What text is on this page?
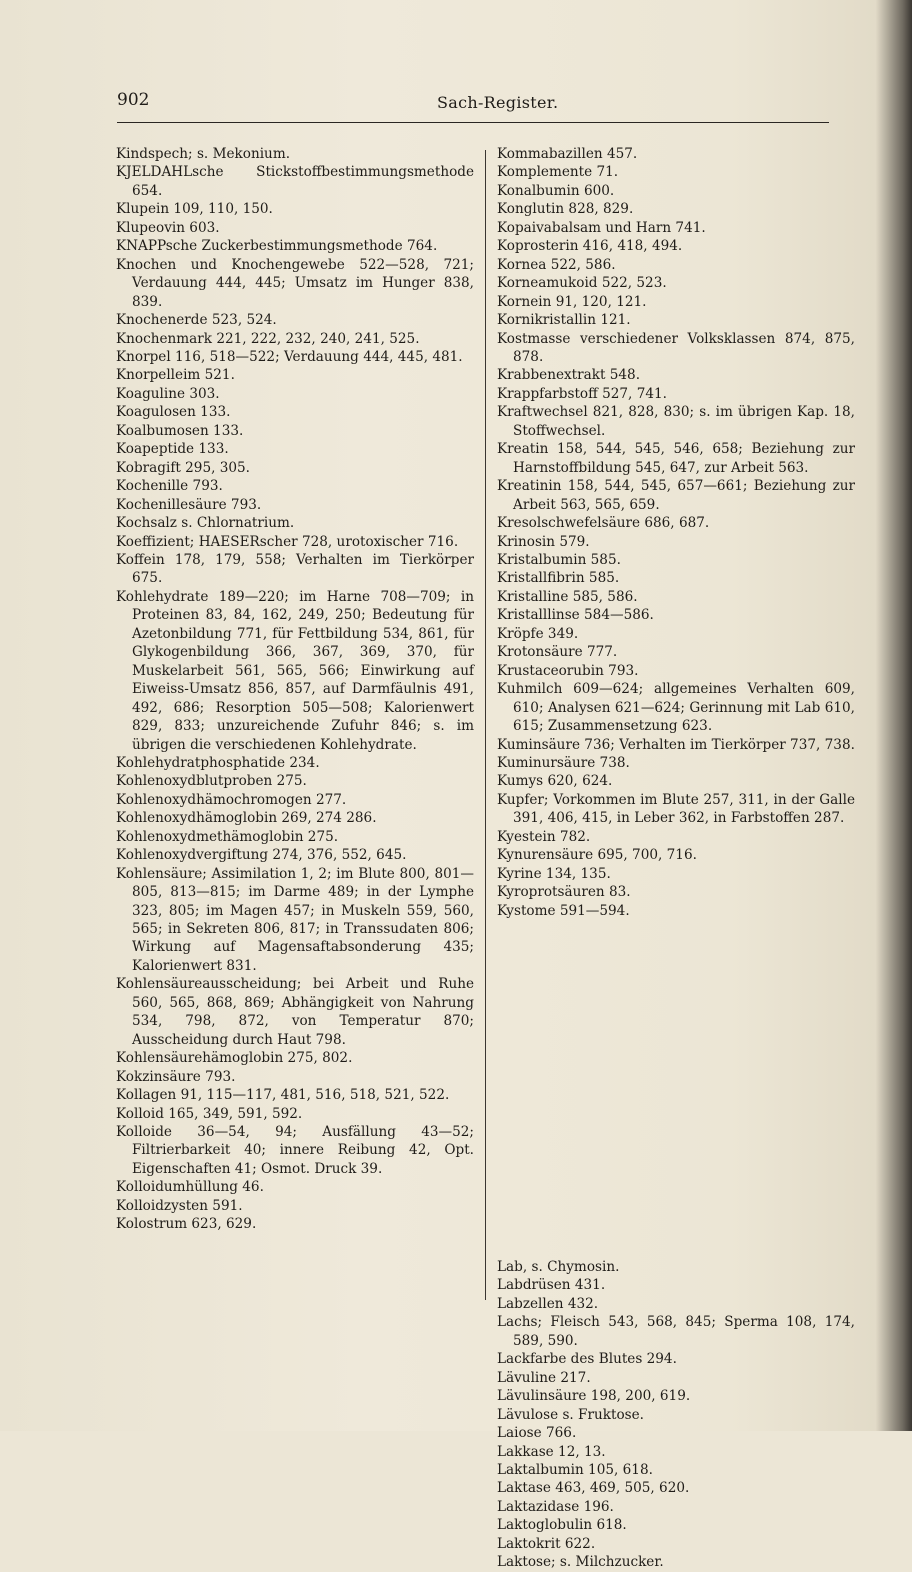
902	Sach-Register.

Kindspech; s. Mekonium.

KJELDAHLsche Stickstoffbestimmungsmethode 654.

Klupein 109, 110, 150.

Klupeovin 603.

KNAPPsche Zuckerbestimmungsmethode 764.

Knochen und Knochengewebe 522—528, 721; Verdauung 444, 445; Umsatz im Hunger 838, 839.

Knochenerde 523, 524.

Knochenmark 221, 222, 232, 240, 241, 525.

Knorpel 116, 518—522; Verdauung 444, 445, 481.

Knorpelleim 521.

Koaguline 303.

Koagulosen 133.

Koalbumosen 133.

Koapeptide 133.

Kobragift 295, 305.

Kochenille 793.

Kochenillesäure 793.

Kochsalz s. Chlornatrium.

Koeffizient; HAESERscher 728, urotoxischer 716.

Koffein 178, 179, 558; Verhalten im Tierkörper 675.

Kohlehydrate 189—220; im Harne 708—709; in Proteinen 83, 84, 162, 249, 250; Bedeutung für Azetonbildung 771, für Fettbildung 534, 861, für Glykogenbildung 366, 367, 369, 370, für Muskelarbeit 561, 565, 566; Einwirkung auf Eiweiss-Umsatz 856, 857, auf Darmfäulnis 491, 492, 686; Resorption 505—508; Kalorienwert 829, 833; unzureichende Zufuhr 846; s. im übrigen die verschiedenen Kohlehydrate.

Kohlehydratphosphatide 234.

Kohlenoxydblutproben 275.

Kohlenoxydhämochromogen 277.

Kohlenoxydhämoglobin 269, 274 286.

Kohlenoxydmethämoglobin 275.

Kohlenoxydvergiftung 274, 376, 552, 645.

Kohlensäure; Assimilation 1, 2; im Blute 800, 801—805, 813—815; im Darme 489; in der Lymphe 323, 805; im Magen 457; in Muskeln 559, 560, 565; in Sekreten 806, 817; in Transsudaten 806; Wirkung auf Magensaftabsonderung 435; Kalorienwert 831.

Kohlensäureausscheidung; bei Arbeit und Ruhe 560, 565, 868, 869; Abhängigkeit von Nahrung 534, 798, 872, von Temperatur 870; Ausscheidung durch Haut 798.

Kohlensäurehämoglobin 275, 802.

Kokzinsäure 793.

Kollagen 91, 115—117, 481, 516, 518, 521, 522.

Kolloid 165, 349, 591, 592.

Kolloide 36—54, 94; Ausfällung 43—52; Filtrierbarkeit 40; innere Reibung 42, Opt. Eigenschaften 41; Osmot. Druck 39.

Kolloidumhüllung 46.

Kolloidzysten 591.

Kolostrum 623, 629.

Kommabazillen 457.

Komplemente 71.

Konalbumin 600.

Konglutin 828, 829.

Kopaivabalsam und Harn 741.

Koprosterin 416, 418, 494.

Kornea 522, 586.

Korneamukoid 522, 523.

Kornein 91, 120, 121.

Kornikristallin 121.

Kostmasse verschiedener Volksklassen 874, 875, 878.

Krabbenextrakt 548.

Krappfarbstoff 527, 741.

Kraftwechsel 821, 828, 830; s. im übrigen Kap. 18, Stoffwechsel.

Kreatin 158, 544, 545, 546, 658; Beziehung zur Harnstoffbildung 545, 647, zur Arbeit 563.

Kreatinin 158, 544, 545, 657—661; Beziehung zur Arbeit 563, 565, 659.

Kresolschwefelsäure 686, 687.

Krinosin 579.

Kristalbumin 585.

Kristallfibrin 585.

Kristalline 585, 586.

Kristalllinse 584—586.

Kröpfe 349.

Krotonsäure 777.

Krustaceorubin 793.

Kuhmilch 609—624; allgemeines Verhalten 609, 610; Analysen 621—624; Gerinnung mit Lab 610, 615; Zusammensetzung 623.

Kuminsäure 736; Verhalten im Tierkörper 737, 738.

Kuminursäure 738.

Kumys 620, 624.

Kupfer; Vorkommen im Blute 257, 311, in der Galle 391, 406, 415, in Leber 362, in Farbstoffen 287.

Kyestein 782.

Kynurensäure 695, 700, 716.

Kyrine 134, 135.

Kyroprotsäuren 83.

Kystome 591—594.

Lab, s. Chymosin.

Labdrüsen 431.

Labzellen 432.

Lachs; Fleisch 543, 568, 845; Sperma 108, 174, 589, 590.

Lackfarbe des Blutes 294.

Lävuline 217.

Lävulinsäure 198, 200, 619.

Lävulose s. Fruktose.

Laiose 766.

Lakkase 12, 13.

Laktalbumin 105, 618.

Laktase 463, 469, 505, 620.

Laktazidase 196.

Laktoglobulin 618.

Laktokrit 622.

Laktose; s. Milchzucker.
